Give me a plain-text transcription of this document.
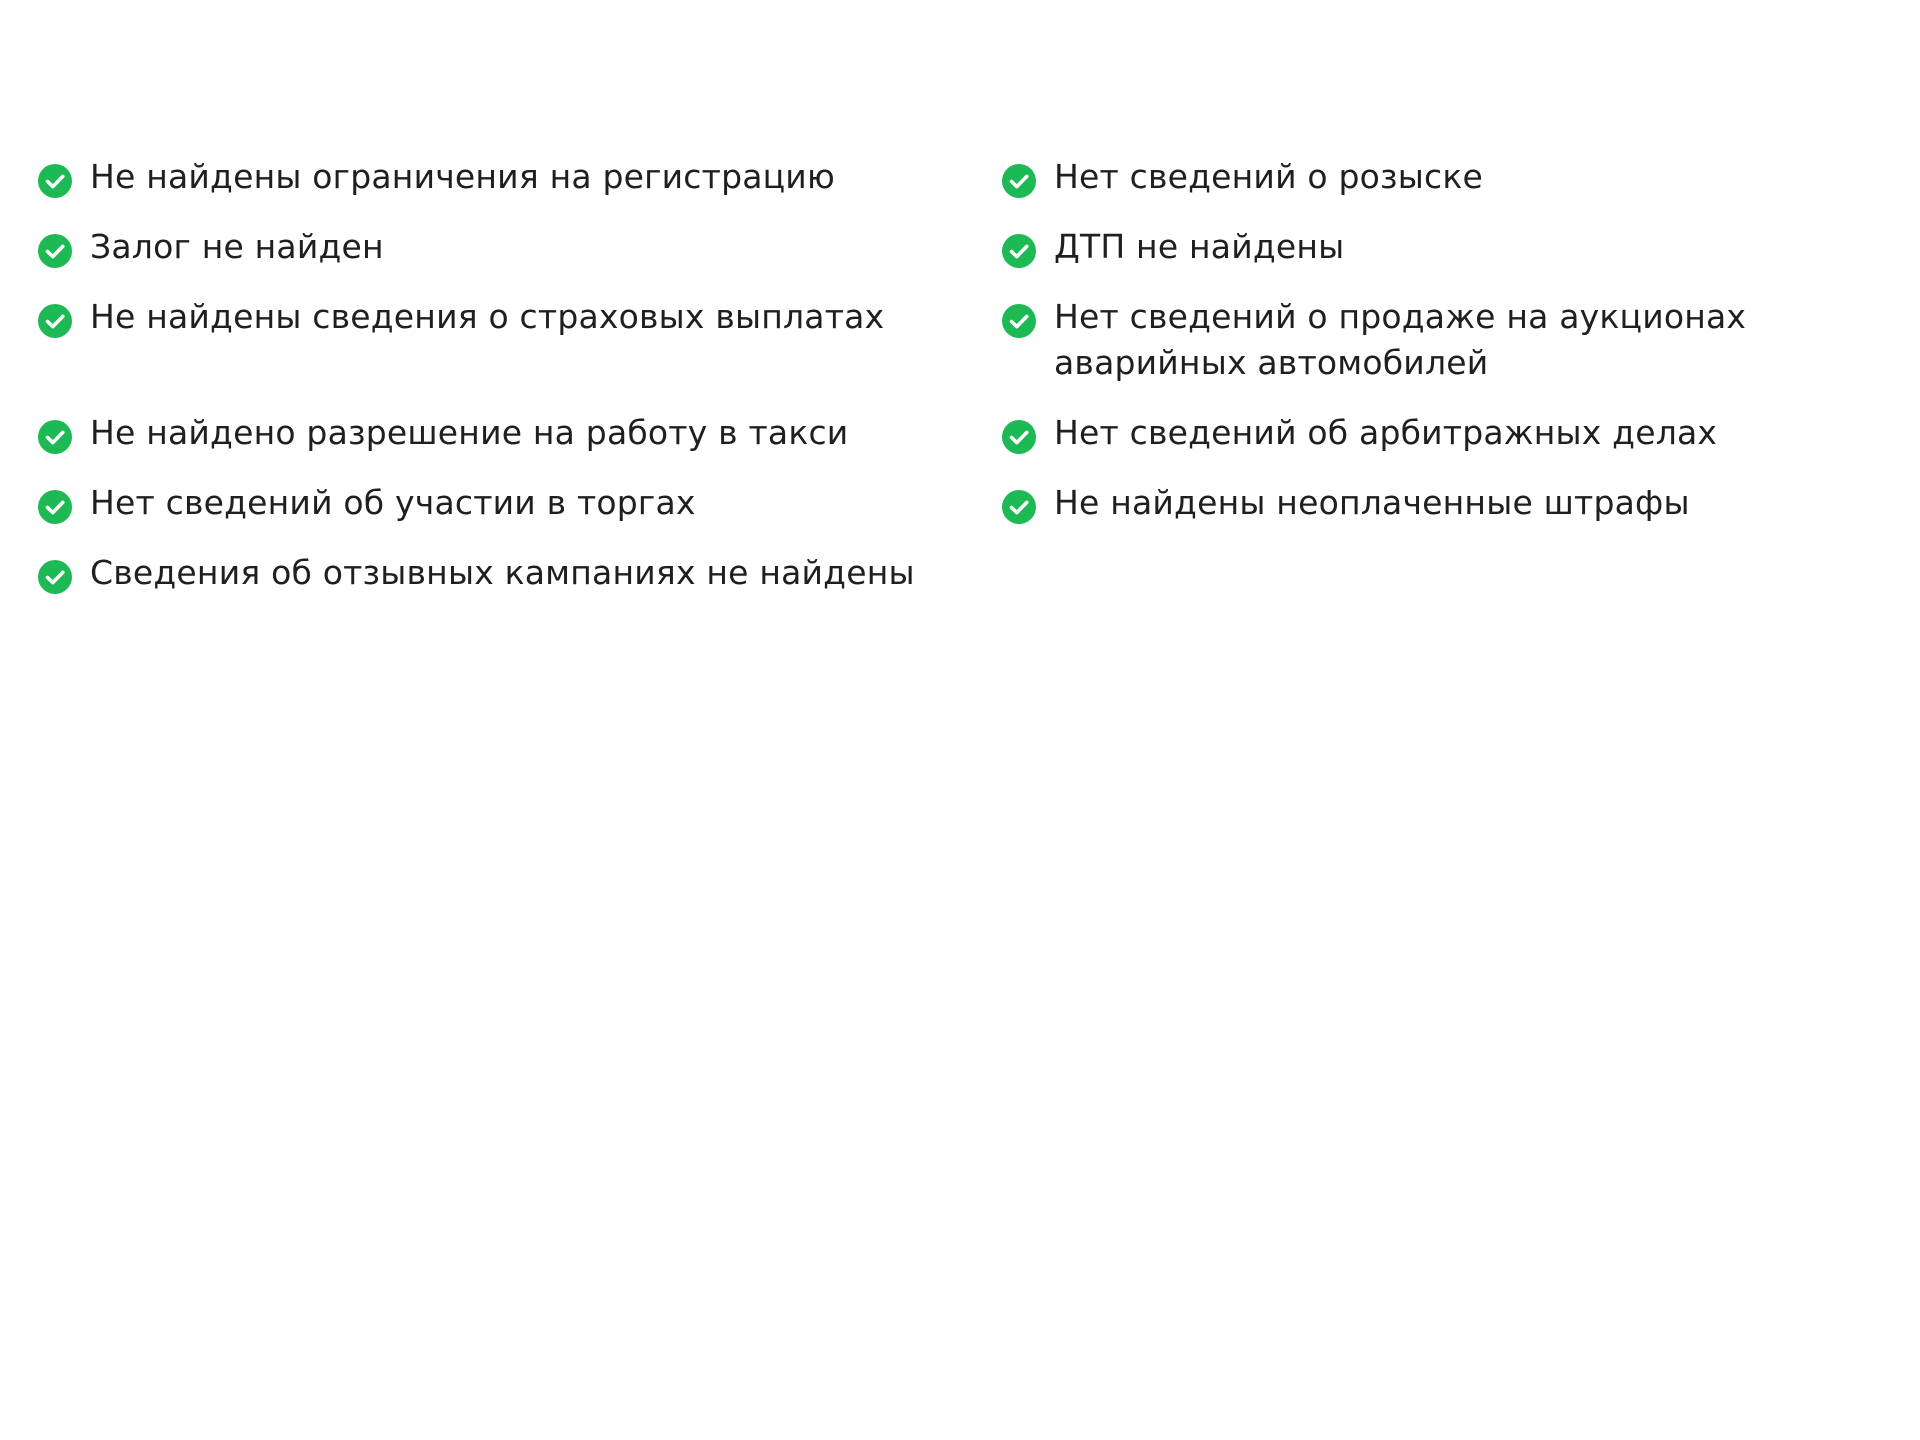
Не найдены ограничения на регистрацию
Залог не найден
Не найдены сведения о страховых выплатах
Не найдено разрешение на работу в такси
Нет сведений об участии в торгах
Сведения об отзывных кампаниях не найдены
Нет сведений о розыске
ДТП не найдены
Нет сведений о продаже на аукционах аварийных автомобилей
Нет сведений об арбитражных делах
Не найдены неоплаченные штрафы
